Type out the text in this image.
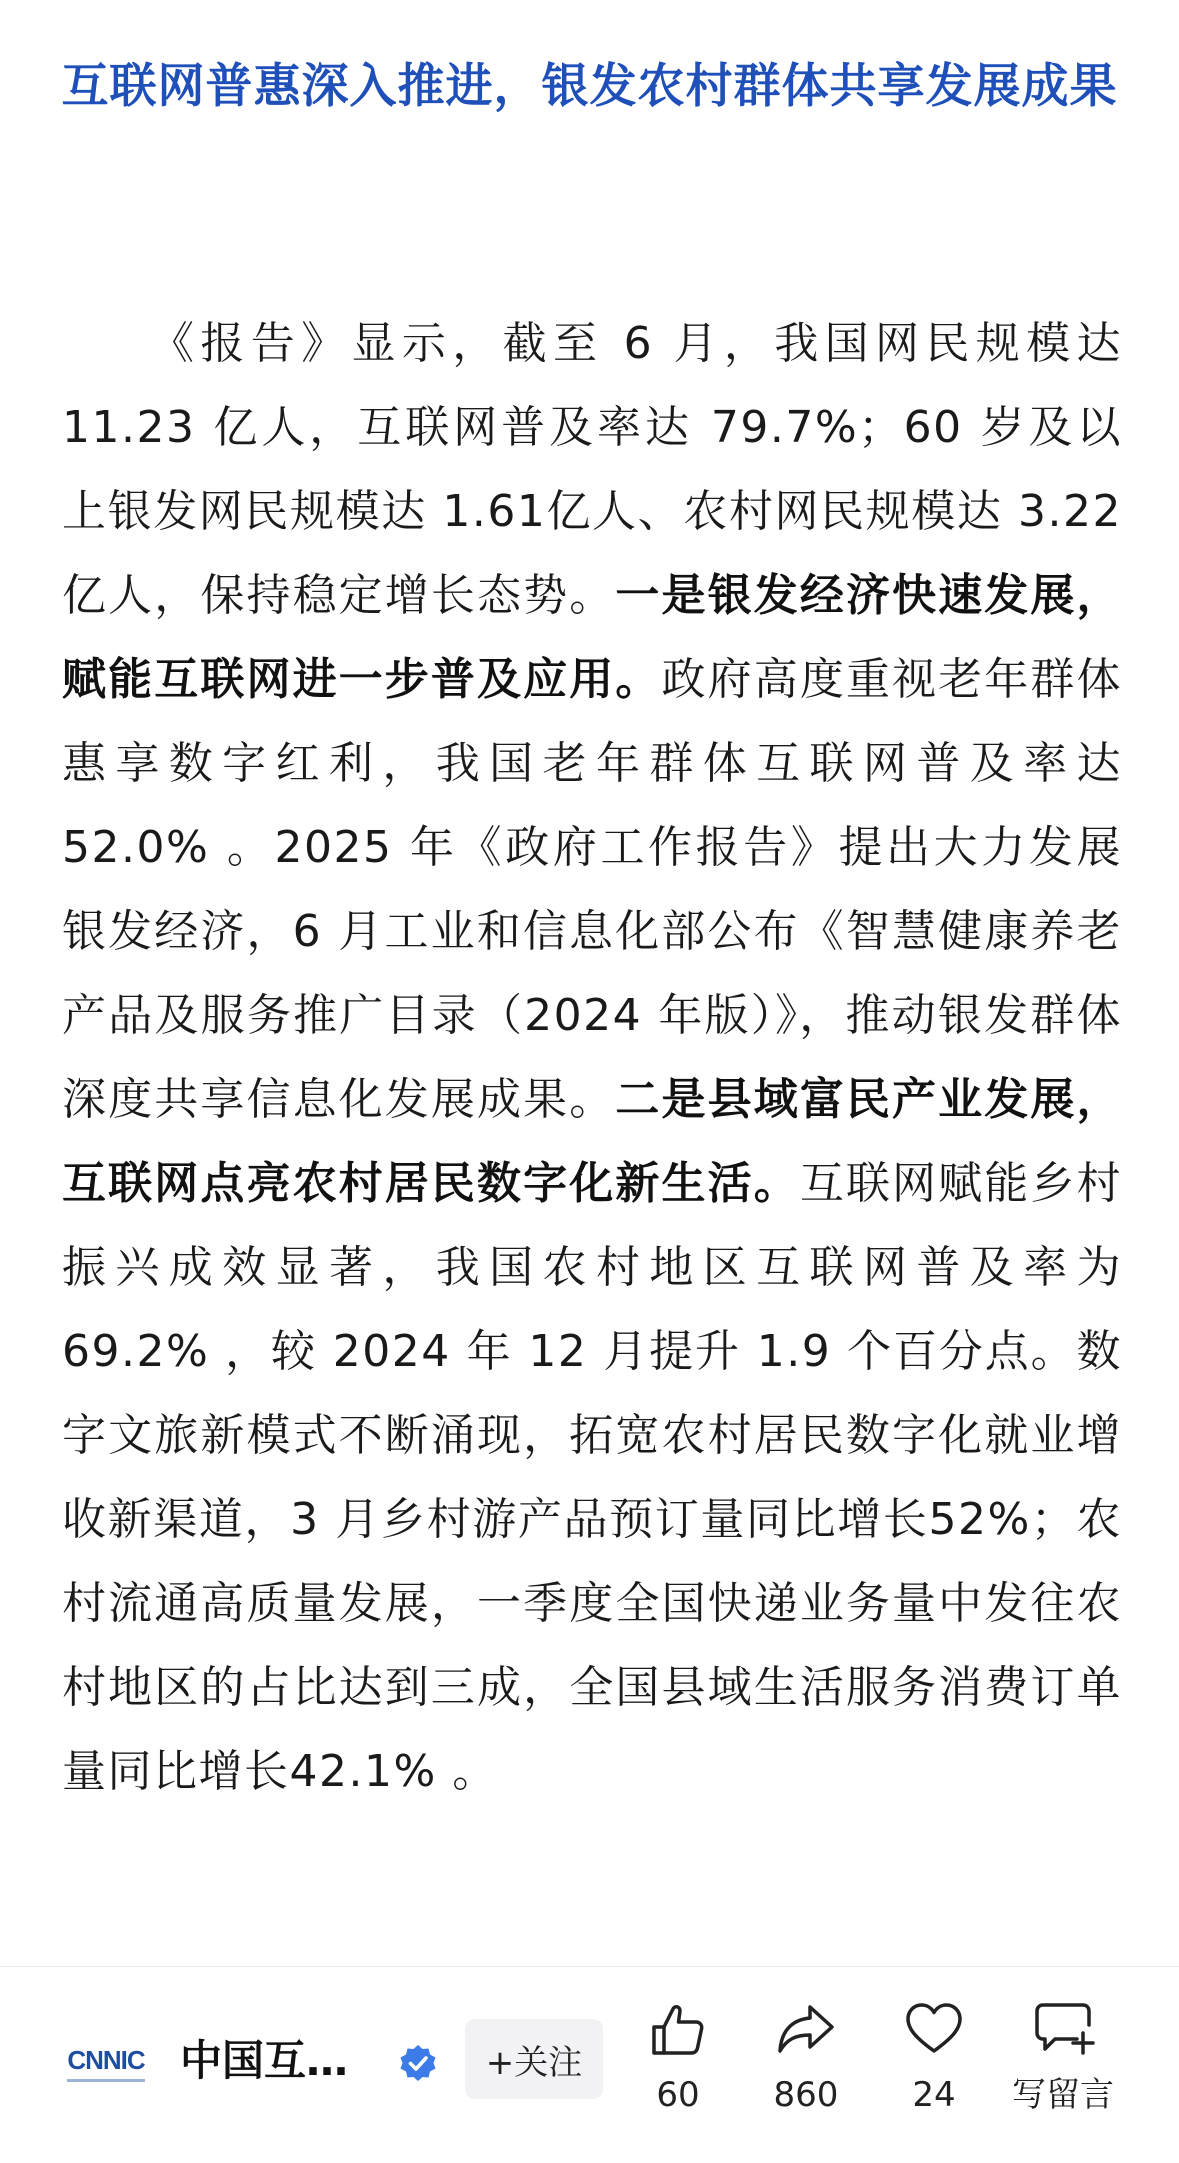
互联网普惠深入推进，银发农村群体共享发展成果

《报告》显示，截至 6 月，我国网民规模达 11.23 亿人，互联网普及率达 79.7%；60 岁及以上银发网民规模达 1.61亿人、农村网民规模达 3.22 亿人，保持稳定增长态势。一是银发经济快速发展，赋能互联网进一步普及应用。政府高度重视老年群体惠享数字红利，我国老年群体互联网普及率达 52.0% 。2025 年《政府工作报告》提出大力发展银发经济，6 月工业和信息化部公布《智慧健康养老产品及服务推广目录（2024 年版）》，推动银发群体深度共享信息化发展成果。二是县域富民产业发展，互联网点亮农村居民数字化新生活。互联网赋能乡村振兴成效显著，我国农村地区互联网普及率为 69.2% ，较 2024 年 12 月提升 1.9 个百分点。数字文旅新模式不断涌现，拓宽农村居民数字化就业增收新渠道，3 月乡村游产品预订量同比增长52%；农村流通高质量发展，一季度全国快递业务量中发往农村地区的占比达到三成，全国县域生活服务消费订单量同比增长42.1% 。

CNNIC 中国互…	+关注
60 860 24 写留言
